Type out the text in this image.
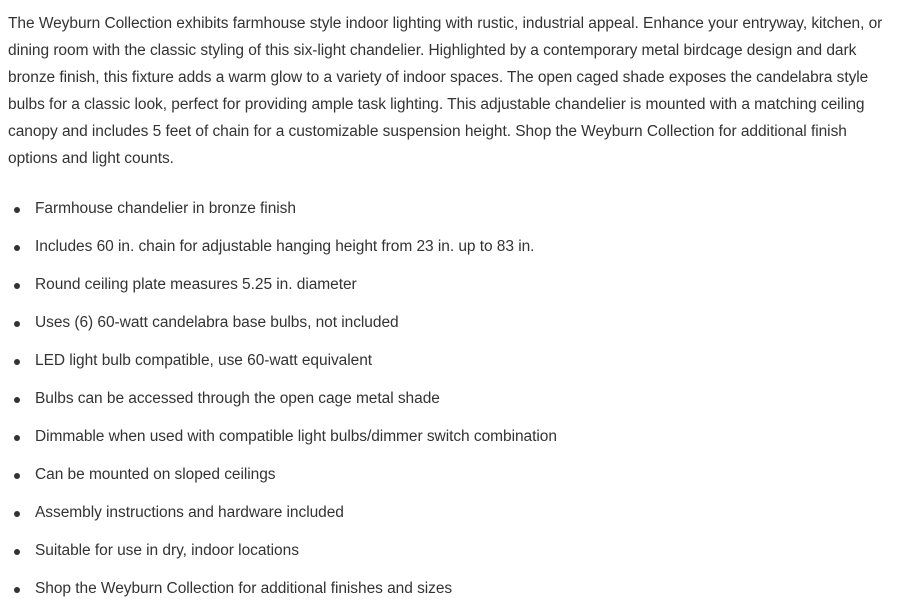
The Weyburn Collection exhibits farmhouse style indoor lighting with rustic, industrial appeal. Enhance your entryway, kitchen, or dining room with the classic styling of this six-light chandelier. Highlighted by a contemporary metal birdcage design and dark bronze finish, this fixture adds a warm glow to a variety of indoor spaces. The open caged shade exposes the candelabra style bulbs for a classic look, perfect for providing ample task lighting. This adjustable chandelier is mounted with a matching ceiling canopy and includes 5 feet of chain for a customizable suspension height. Shop the Weyburn Collection for additional finish options and light counts.

Farmhouse chandelier in bronze finish
Includes 60 in. chain for adjustable hanging height from 23 in. up to 83 in.
Round ceiling plate measures 5.25 in. diameter
Uses (6) 60-watt candelabra base bulbs, not included
LED light bulb compatible, use 60-watt equivalent
Bulbs can be accessed through the open cage metal shade
Dimmable when used with compatible light bulbs/dimmer switch combination
Can be mounted on sloped ceilings
Assembly instructions and hardware included
Suitable for use in dry, indoor locations
Shop the Weyburn Collection for additional finishes and sizes
